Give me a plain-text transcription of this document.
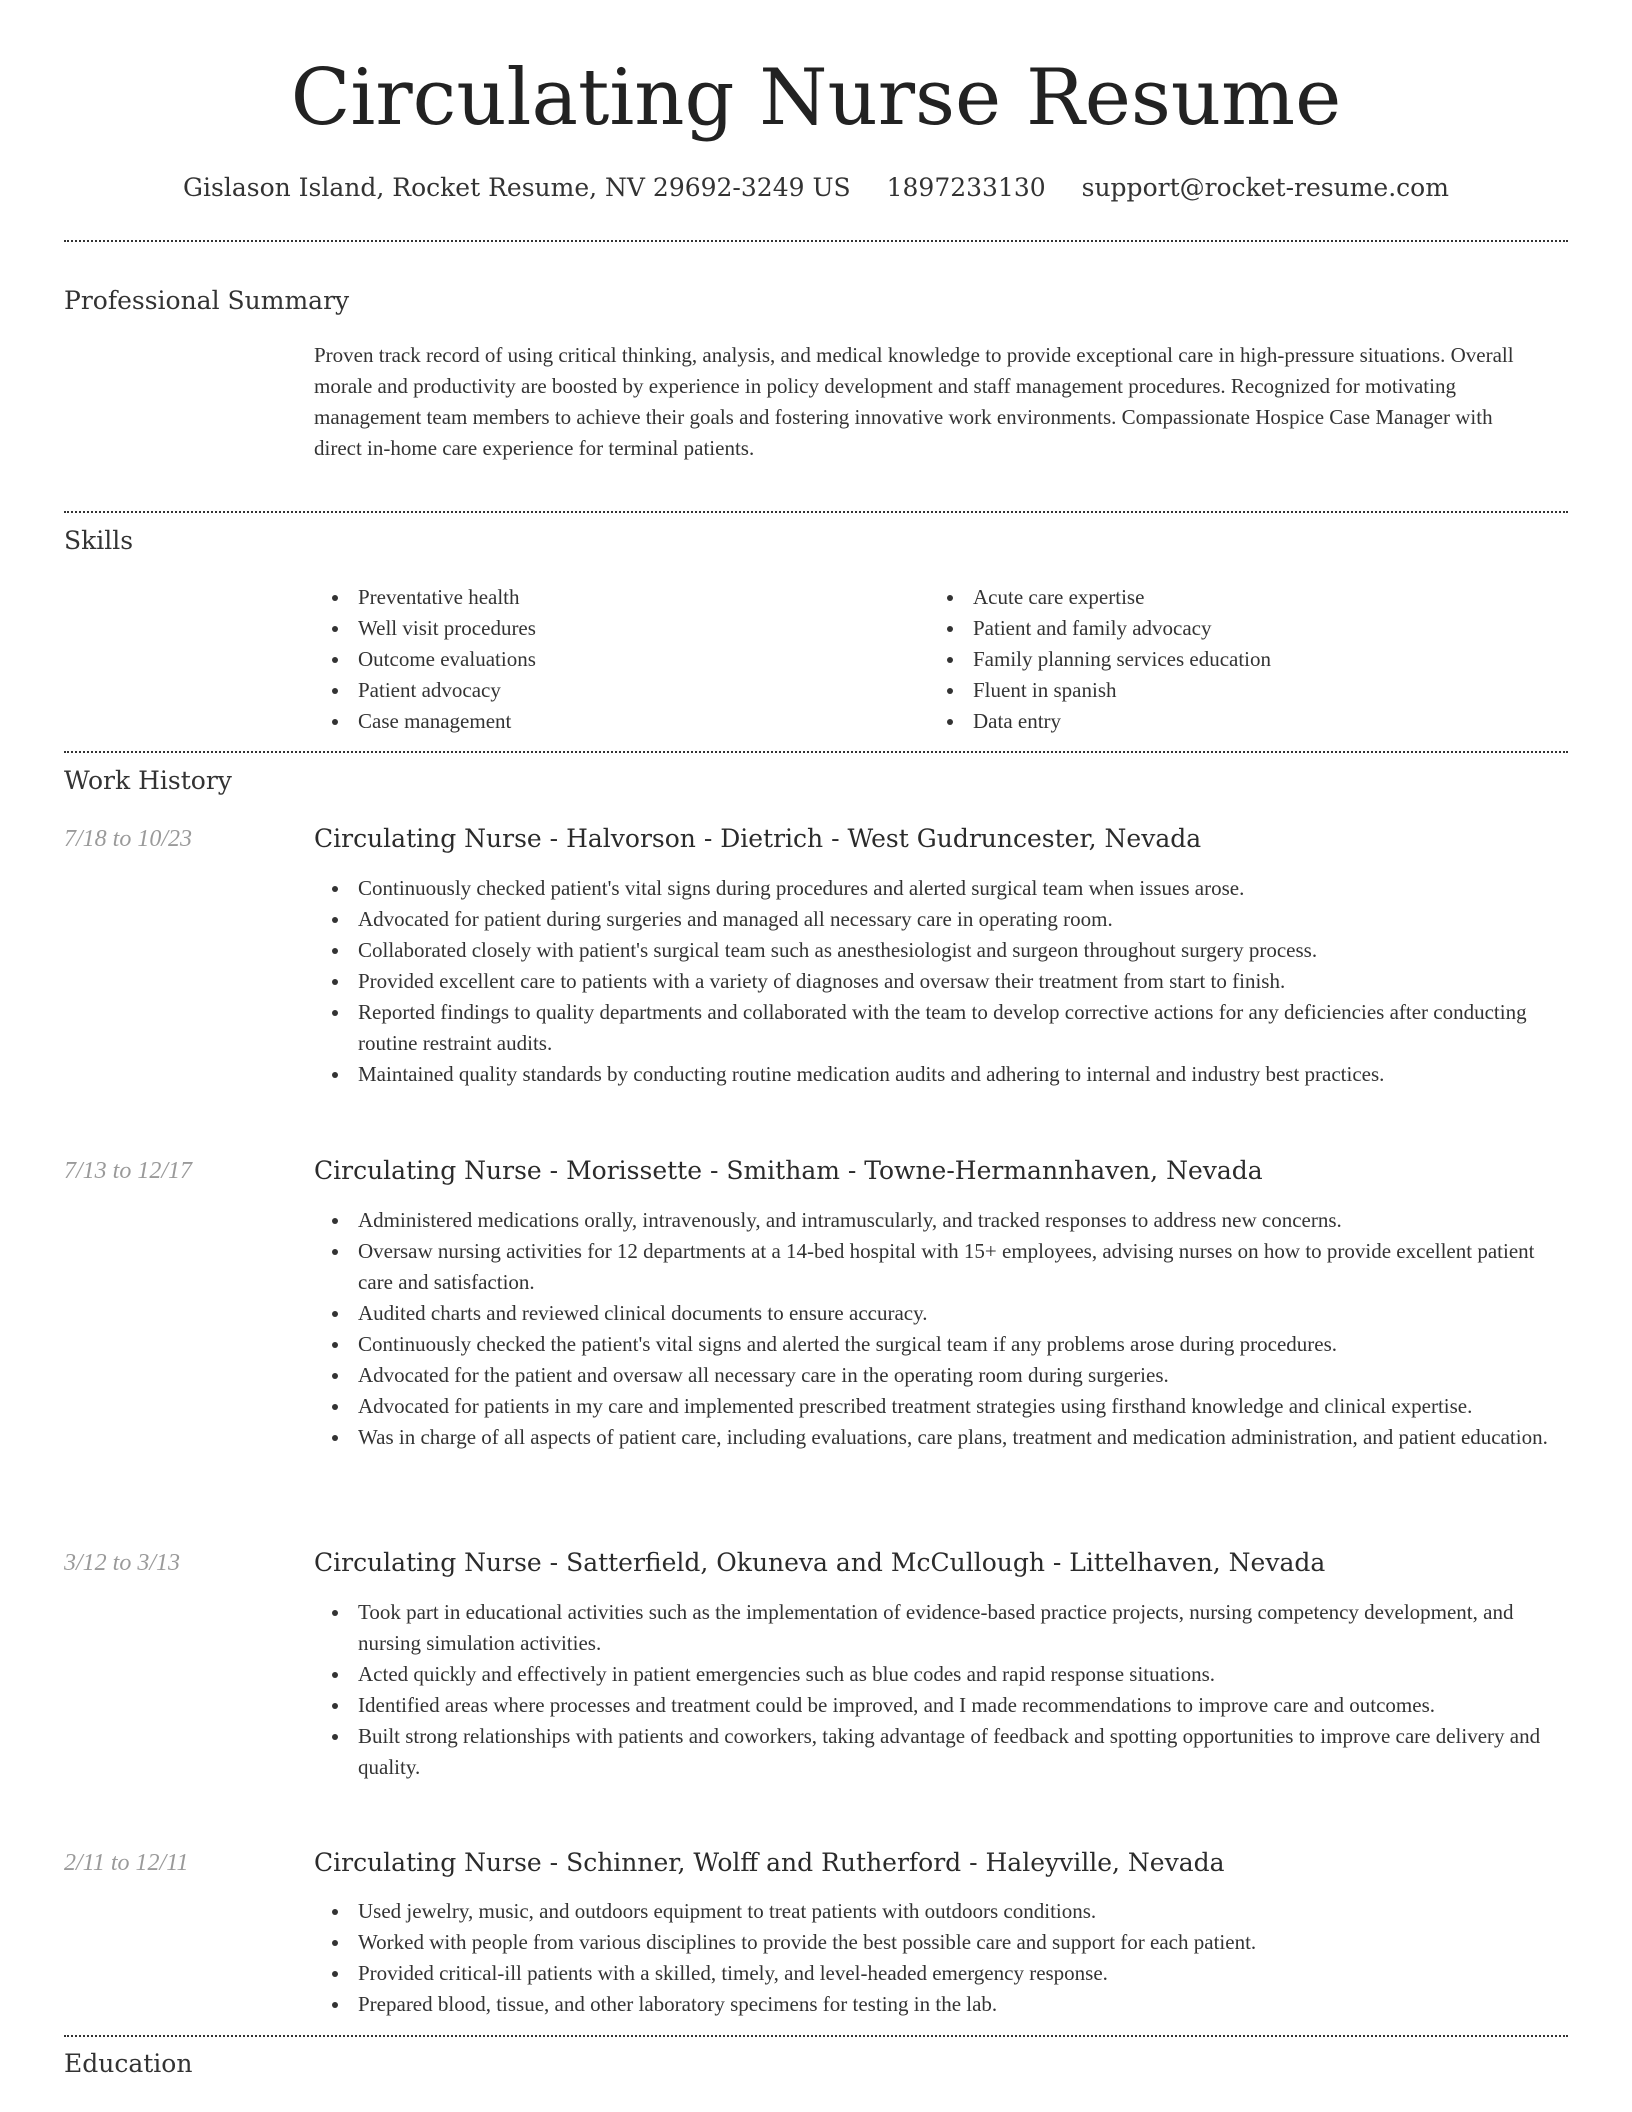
Circulating Nurse Resume
Gislason Island, Rocket Resume, NV 29692-3249 US 1897233130 support@rocket-resume.com
Professional Summary

Proven track record of using critical thinking, analysis, and medical knowledge to provide exceptional care in high-pressure situations. Overall morale and productivity are boosted by experience in policy development and staff management procedures. Recognized for motivating management team members to achieve their goals and fostering innovative work environments. Compassionate Hospice Case Manager with direct in-home care experience for terminal patients.

Skills
Preventative health
Well visit procedures
Outcome evaluations
Patient advocacy
Case management
Acute care expertise
Patient and family advocacy
Family planning services education
Fluent in spanish
Data entry
Work History
7/18 to 10/23	Circulating Nurse - Halvorson - Dietrich - West Gudruncester, Nevada
Continuously checked patient's vital signs during procedures and alerted surgical team when issues arose.
Advocated for patient during surgeries and managed all necessary care in operating room.
Collaborated closely with patient's surgical team such as anesthesiologist and surgeon throughout surgery process.
Provided excellent care to patients with a variety of diagnoses and oversaw their treatment from start to finish.
Reported findings to quality departments and collaborated with the team to develop corrective actions for any deficiencies after conducting routine restraint audits.
Maintained quality standards by conducting routine medication audits and adhering to internal and industry best practices.
7/13 to 12/17	Circulating Nurse - Morissette - Smitham - Towne-Hermannhaven, Nevada
Administered medications orally, intravenously, and intramuscularly, and tracked responses to address new concerns.
Oversaw nursing activities for 12 departments at a 14-bed hospital with 15+ employees, advising nurses on how to provide excellent patient care and satisfaction.
Audited charts and reviewed clinical documents to ensure accuracy.
Continuously checked the patient's vital signs and alerted the surgical team if any problems arose during procedures.
Advocated for the patient and oversaw all necessary care in the operating room during surgeries.
Advocated for patients in my care and implemented prescribed treatment strategies using firsthand knowledge and clinical expertise.
Was in charge of all aspects of patient care, including evaluations, care plans, treatment and medication administration, and patient education.
3/12 to 3/13	Circulating Nurse - Satterfield, Okuneva and McCullough - Littelhaven, Nevada
Took part in educational activities such as the implementation of evidence-based practice projects, nursing competency development, and nursing simulation activities.
Acted quickly and effectively in patient emergencies such as blue codes and rapid response situations.
Identified areas where processes and treatment could be improved, and I made recommendations to improve care and outcomes.
Built strong relationships with patients and coworkers, taking advantage of feedback and spotting opportunities to improve care delivery and quality.
2/11 to 12/11	Circulating Nurse - Schinner, Wolff and Rutherford - Haleyville, Nevada
Used jewelry, music, and outdoors equipment to treat patients with outdoors conditions.
Worked with people from various disciplines to provide the best possible care and support for each patient.
Provided critical-ill patients with a skilled, timely, and level-headed emergency response.
Prepared blood, tissue, and other laboratory specimens for testing in the lab.
Education
